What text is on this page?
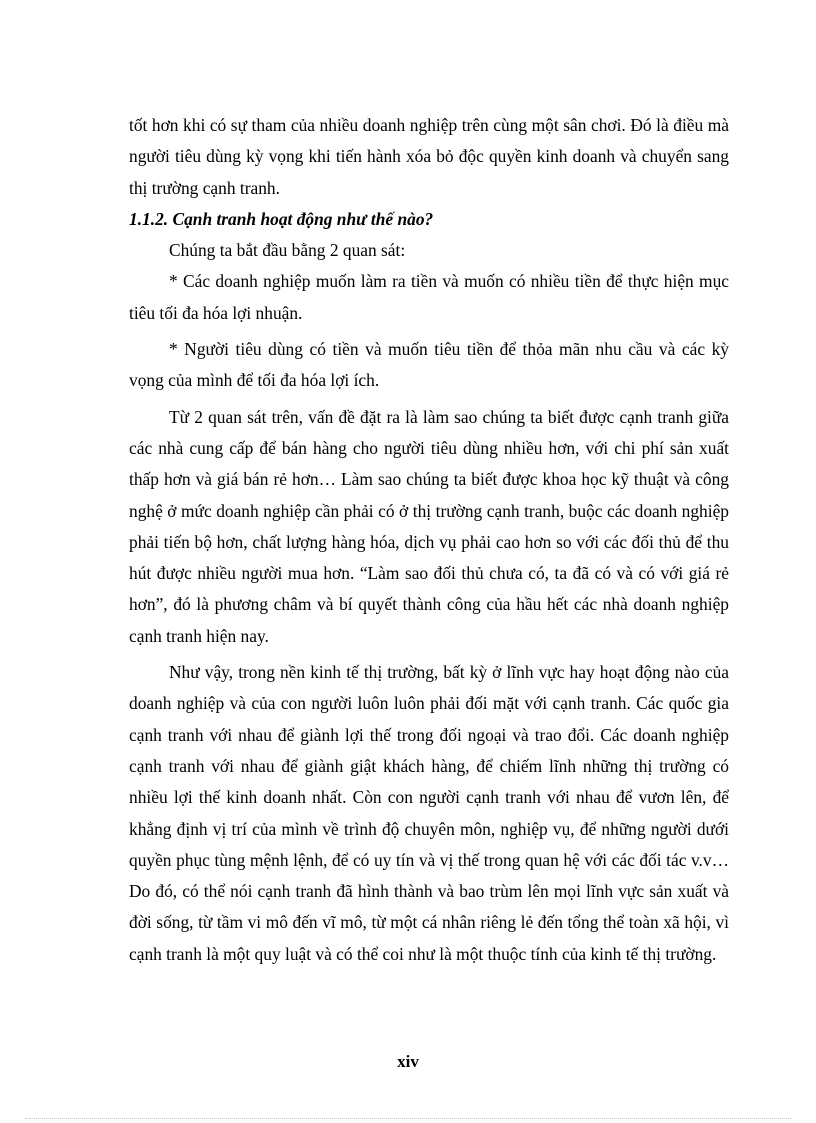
tốt hơn khi có sự tham của nhiều doanh nghiệp trên cùng một sân chơi. Đó là điều mà người tiêu dùng kỳ vọng khi tiến hành xóa bỏ độc quyền kinh doanh và chuyển sang thị trường cạnh tranh.

1.1.2. Cạnh tranh hoạt động như thế nào?

Chúng ta bắt đầu bằng 2 quan sát:

* Các doanh nghiệp muốn làm ra tiền và muốn có nhiều tiền để thực hiện mục tiêu tối đa hóa lợi nhuận.

* Người tiêu dùng có tiền và muốn tiêu tiền để thỏa mãn nhu cầu và các kỳ vọng của mình để tối đa hóa lợi ích.

Từ 2 quan sát trên, vấn đề đặt ra là làm sao chúng ta biết được cạnh tranh giữa các nhà cung cấp để bán hàng cho người tiêu dùng nhiều hơn, với chi phí sản xuất thấp hơn và giá bán rẻ hơn… Làm sao chúng ta biết được khoa học kỹ thuật và công nghệ ở mức doanh nghiệp cần phải có ở thị trường cạnh tranh, buộc các doanh nghiệp phải tiến bộ hơn, chất lượng hàng hóa, dịch vụ phải cao hơn so với các đối thủ để thu hút được nhiều người mua hơn. “Làm sao đối thủ chưa có, ta đã có và có với giá rẻ hơn”, đó là phương châm và bí quyết thành công của hầu hết các nhà doanh nghiệp cạnh tranh hiện nay.

Như vậy, trong nền kinh tế thị trường, bất kỳ ở lĩnh vực hay hoạt động nào của doanh nghiệp và của con người luôn luôn phải đối mặt với cạnh tranh. Các quốc gia cạnh tranh với nhau để giành lợi thế trong đối ngoại và trao đổi. Các doanh nghiệp cạnh tranh với nhau để giành giật khách hàng, để chiếm lĩnh những thị trường có nhiều lợi thế kinh doanh nhất. Còn con người cạnh tranh với nhau để vươn lên, để khẳng định vị trí của mình về trình độ chuyên môn, nghiệp vụ, để những người dưới quyền phục tùng mệnh lệnh, để có uy tín và vị thế trong quan hệ với các đối tác v.v… Do đó, có thể nói cạnh tranh đã hình thành và bao trùm lên mọi lĩnh vực sản xuất và đời sống, từ tầm vi mô đến vĩ mô, từ một cá nhân riêng lẻ đến tổng thể toàn xã hội, vì cạnh tranh là một quy luật và có thể coi như là một thuộc tính của kinh tế thị trường.

xiv
